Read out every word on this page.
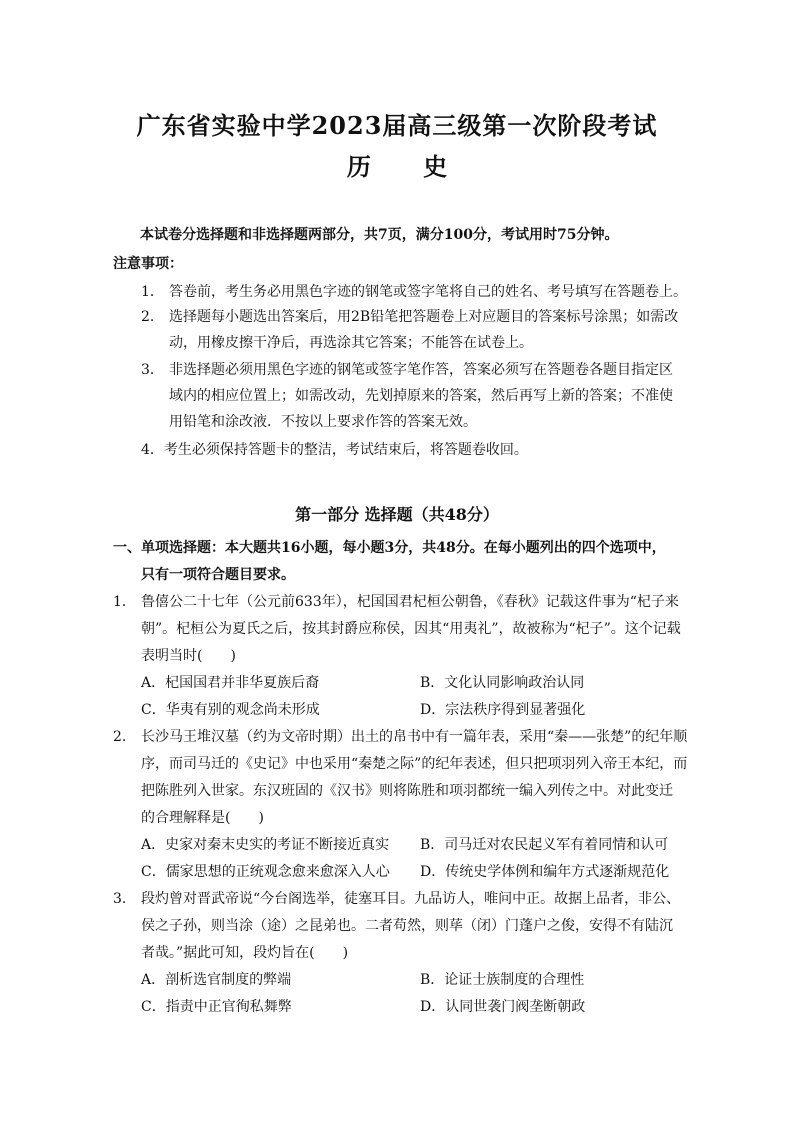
广东省实验中学2023届高三级第一次阶段考试
历 史
本试卷分选择题和非选择题两部分，共7页，满分100分，考试用时75分钟。
注意事项：
1． 答卷前，考生务必用黑色字迹的钢笔或签字笔将自己的姓名、考号填写在答题卷上。
2． 选择题每小题选出答案后，用2B铅笔把答题卷上对应题目的答案标号涂黑；如需改
动，用橡皮擦干净后，再选涂其它答案；不能答在试卷上。
3． 非选择题必须用黑色字迹的钢笔或签字笔作答，答案必须写在答题卷各题目指定区
域内的相应位置上；如需改动，先划掉原来的答案，然后再写上新的答案；不准使
用铅笔和涂改液．不按以上要求作答的答案无效。
4．考生必须保持答题卡的整洁，考试结束后，将答题卷收回。
第一部分 选择题（共48分）
一、单项选择题：本大题共16小题，每小题3分，共48分。在每小题列出的四个选项中，
只有一项符合题目要求。
1． 鲁僖公二十七年（公元前633年），杞国国君杞桓公朝鲁，《春秋》记载这件事为“杞子来
朝”。杞桓公为夏氏之后，按其封爵应称侯，因其“用夷礼”，故被称为“杞子”。这个记载
表明当时(　　)
A．杞国国君并非华夏族后裔	B．文化认同影响政治认同
C．华夷有别的观念尚未形成	D．宗法秩序得到显著强化
2． 长沙马王堆汉墓（约为文帝时期）出土的帛书中有一篇年表，采用“秦——张楚”的纪年顺
序，而司马迁的《史记》中也采用“秦楚之际”的纪年表述，但只把项羽列入帝王本纪，而
把陈胜列入世家。东汉班固的《汉书》则将陈胜和项羽都统一编入列传之中。对此变迁
的合理解释是(　　)
A．史家对秦末史实的考证不断接近真实 B．司马迁对农民起义军有着同情和认可
C．儒家思想的正统观念愈来愈深入人心 D．传统史学体例和编年方式逐渐规范化
3． 段灼曾对晋武帝说“今台阁选举，徒塞耳目。九品访人，唯问中正。故据上品者，非公、
侯之子孙，则当涂（途）之昆弟也。二者苟然，则荜（闭）门蓬户之俊，安得不有陆沉
者哉。”据此可知，段灼旨在(　　)
A．剖析选官制度的弊端	B．论证士族制度的合理性
C．指责中正官徇私舞弊	D．认同世袭门阀垄断朝政
